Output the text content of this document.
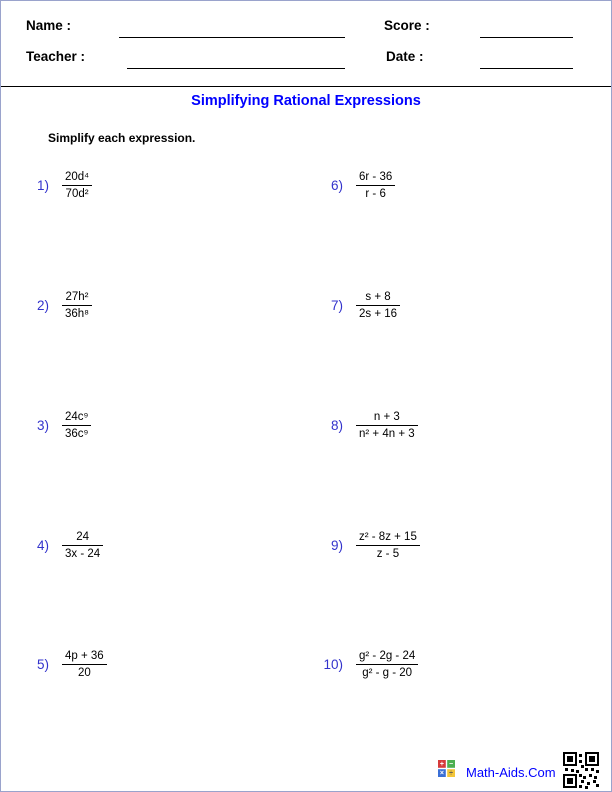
Name :	Score :
Teacher :	Date :
Simplifying Rational Expressions
Simplify each expression.
$1) \frac{\text{20d⁴}}{\text{70d²}}$
$2) \frac{\text{27h²}}{\text{36h⁸}}$
$3) \frac{\text{24c⁹}}{\text{36c⁹}}$
$4) \frac{24}{3x - 24}$
$5) \frac{4p + 36}{20}$
$6) \frac{6r - 36}{r - 6}$
$7) \frac{s + 8}{2s + 16}$
$8) \frac{n + 3}{\text{n² + 4n + 3}}$
$9) \frac{\text{z² - 8z + 15}}{z - 5}$
$10) \frac{\text{g² - 2g - 24}}{\text{g² - g - 20}}$
+ −
× ÷ Math-Aids.Com
